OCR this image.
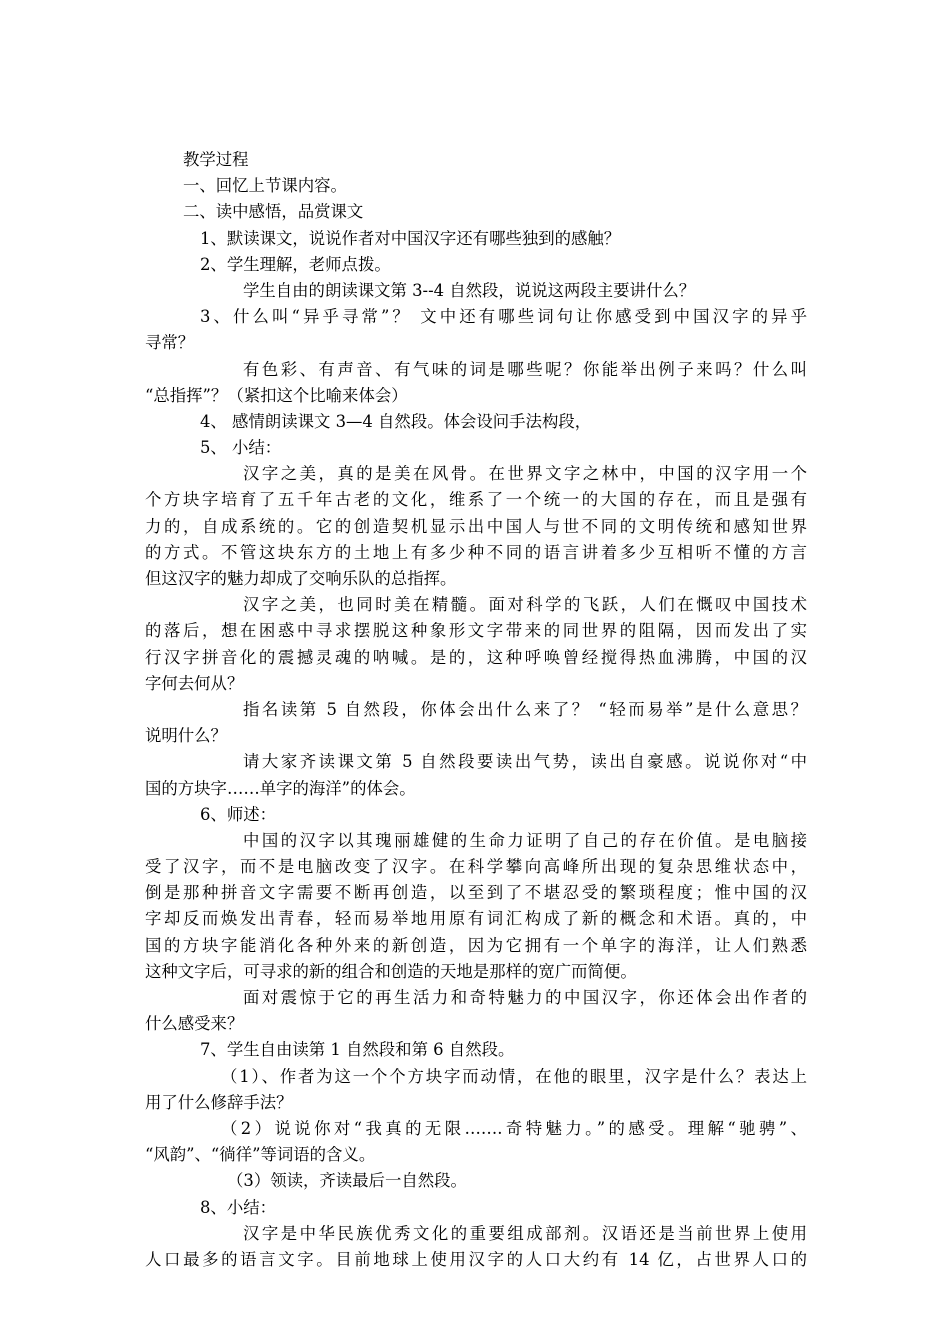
教学过程
一、回忆上节课内容。
二、读中感悟，品赏课文
1、默读课文，说说作者对中国汉字还有哪些独到的感触？
2、学生理解，老师点拨。
学生自由的朗读课文第 3--4 自然段，说说这两段主要讲什么？
3、什么叫“异乎寻常”？ 文中还有哪些词句让你感受到中国汉字的异乎
寻常？
有色彩、有声音、有气味的词是哪些呢？你能举出例子来吗？什么叫
“总指挥”？（紧扣这个比喻来体会）
4、 感情朗读课文 3—4 自然段。体会设问手法构段，
5、 小结：
汉字之美，真的是美在风骨。在世界文字之林中，中国的汉字用一个
个方块字培育了五千年古老的文化，维系了一个统一的大国的存在，而且是强有
力的，自成系统的。它的创造契机显示出中国人与世不同的文明传统和感知世界
的方式。不管这块东方的土地上有多少种不同的语言讲着多少互相听不懂的方言
但这汉字的魅力却成了交响乐队的总指挥。
汉字之美，也同时美在精髓。面对科学的飞跃，人们在慨叹中国技术
的落后，想在困惑中寻求摆脱这种象形文字带来的同世界的阻隔，因而发出了实
行汉字拼音化的震撼灵魂的呐喊。是的，这种呼唤曾经搅得热血沸腾，中国的汉
字何去何从？
指名读第 5 自然段，你体会出什么来了？ “轻而易举”是什么意思？
说明什么？
请大家齐读课文第 5 自然段要读出气势，读出自豪感。说说你对“中
国的方块字……单字的海洋”的体会。
6、师述：
中国的汉字以其瑰丽雄健的生命力证明了自己的存在价值。是电脑接
受了汉字，而不是电脑改变了汉字。在科学攀向高峰所出现的复杂思维状态中，
倒是那种拼音文字需要不断再创造，以至到了不堪忍受的繁琐程度；惟中国的汉
字却反而焕发出青春，轻而易举地用原有词汇构成了新的概念和术语。真的，中
国的方块字能消化各种外来的新创造，因为它拥有一个单字的海洋，让人们熟悉
这种文字后，可寻求的新的组合和创造的天地是那样的宽广而简便。
面对震惊于它的再生活力和奇特魅力的中国汉字，你还体会出作者的
什么感受来？
7、学生自由读第 1 自然段和第 6 自然段。
（1）、作者为这一个个方块字而动情，在他的眼里，汉字是什么？表达上
用了什么修辞手法？
（2）说说你对“我真的无限…….奇特魅力。”的感受。理解“驰骋”、
“风韵”、“徜徉”等词语的含义。
（3）领读，齐读最后一自然段。
8、小结：
汉字是中华民族优秀文化的重要组成部剂。汉语还是当前世界上使用
人口最多的语言文字。目前地球上使用汉字的人口大约有 14 亿，占世界人口的
